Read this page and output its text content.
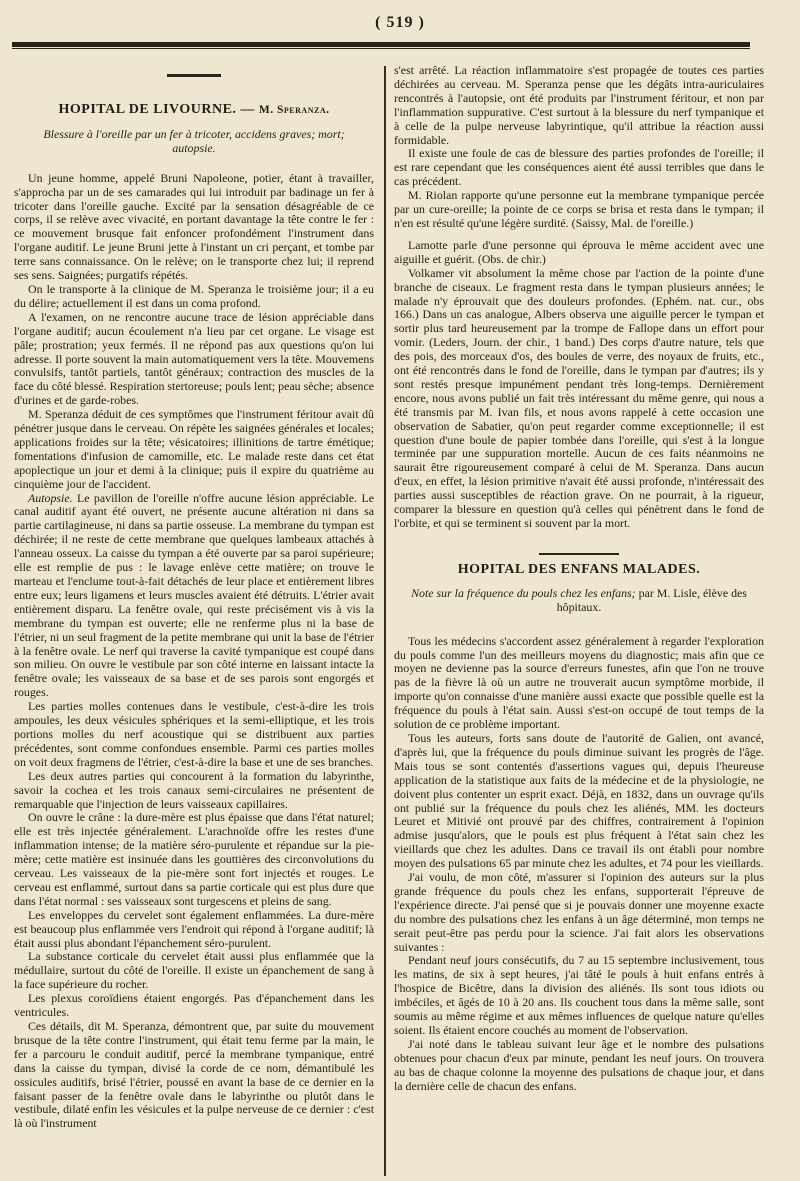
( 519 )
HOPITAL DE LIVOURNE. — M. Speranza.
Blessure à l'oreille par un fer à tricoter, accidens graves; mort; autopsie.

Un jeune homme, appelé Bruni Napoleone, potier, étant à travailler, s'approcha par un de ses camarades qui lui introduit par badinage un fer à tricoter dans l'oreille gauche. Excité par la sensation désagréable de ce corps, il se relève avec vivacité, en portant davantage la tête contre le fer : ce mouvement brusque fait enfoncer profondément l'instrument dans l'organe auditif. Le jeune Bruni jette à l'instant un cri perçant, et tombe par terre sans connaissance. On le relève; on le transporte chez lui; il reprend ses sens. Saignées; purgatifs répétés.

On le transporte à la clinique de M. Speranza le troisième jour; il a eu du délire; actuellement il est dans un coma profond.

A l'examen, on ne rencontre aucune trace de lésion appréciable dans l'organe auditif; aucun écoulement n'a lieu par cet organe. Le visage est pâle; prostration; yeux fermés. Il ne répond pas aux questions qu'on lui adresse. Il porte souvent la main automatiquement vers la tête. Mouvemens convulsifs, tantôt partiels, tantôt généraux; contraction des muscles de la face du côté blessé. Respiration stertoreuse; pouls lent; peau sèche; absence d'urines et de garde-robes.

M. Speranza déduit de ces symptômes que l'instrument féritour avait dû pénétrer jusque dans le cerveau. On répète les saignées générales et locales; applications froides sur la tête; vésicatoires; illinitions de tartre émétique; fomentations d'infusion de camomille, etc. Le malade reste dans cet état apoplectique un jour et demi à la clinique; puis il expire du quatrième au cinquième jour de l'accident.

Autopsie. Le pavillon de l'oreille n'offre aucune lésion appréciable. Le canal auditif ayant été ouvert, ne présente aucune altération ni dans sa partie cartilagineuse, ni dans sa partie osseuse. La membrane du tympan est déchirée; il ne reste de cette membrane que quelques lambeaux attachés à l'anneau osseux. La caisse du tympan a été ouverte par sa paroi supérieure; elle est remplie de pus : le lavage enlève cette matière; on trouve le marteau et l'enclume tout-à-fait détachés de leur place et entièrement libres entre eux; leurs ligamens et leurs muscles avaient été détruits. L'étrier avait entièrement disparu. La fenêtre ovale, qui reste précisément vis à vis la membrane du tympan est ouverte; elle ne renferme plus ni la base de l'étrier, ni un seul fragment de la petite membrane qui unit la base de l'étrier à la fenêtre ovale. Le nerf qui traverse la cavité tympanique est coupé dans son milieu. On ouvre le vestibule par son côté interne en laissant intacte la fenêtre ovale; les vaisseaux de sa base et de ses parois sont engorgés et rouges.

Les parties molles contenues dans le vestibule, c'est-à-dire les trois ampoules, les deux vésicules sphériques et la semi-elliptique, et les trois portions molles du nerf acoustique qui se distribuent aux parties précédentes, sont comme confondues ensemble. Parmi ces parties molles on voit deux fragmens de l'étrier, c'est-à-dire la base et une de ses branches.

Les deux autres parties qui concourent à la formation du labyrinthe, savoir la cochea et les trois canaux semi-circulaires ne présentent de remarquable que l'injection de leurs vaisseaux capillaires.

On ouvre le crâne : la dure-mère est plus épaisse que dans l'état naturel; elle est très injectée généralement. L'arachnoïde offre les restes d'une inflammation intense; de la matière séro-purulente et répandue sur la pie-mère; cette matière est insinuée dans les gouttières des circonvolutions du cerveau. Les vaisseaux de la pie-mère sont fort injectés et rouges. Le cerveau est enflammé, surtout dans sa partie corticale qui est plus dure que dans l'état normal : ses vaisseaux sont turgescens et pleins de sang.

Les enveloppes du cervelet sont également enflammées. La dure-mère est beaucoup plus enflammée vers l'endroit qui répond à l'organe auditif; là était aussi plus abondant l'épanchement séro-purulent.

La substance corticale du cervelet était aussi plus enflammée que la médullaire, surtout du côté de l'oreille. Il existe un épanchement de sang à la face supérieure du rocher.

Les plexus coroïdiens étaient engorgés. Pas d'épanchement dans les ventricules.

Ces détails, dit M. Speranza, démontrent que, par suite du mouvement brusque de la tête contre l'instrument, qui était tenu ferme par la main, le fer a parcouru le conduit auditif, percé la membrane tympanique, entré dans la caisse du tympan, divisé la corde de ce nom, démantibulé les ossicules auditifs, brisé l'étrier, poussé en avant la base de ce dernier en la faisant passer de la fenêtre ovale dans le labyrinthe ou plutôt dans le vestibule, dilaté enfin les vésicules et la pulpe nerveuse de ce dernier : c'est là où l'instrument

s'est arrêté. La réaction inflammatoire s'est propagée de toutes ces parties déchirées au cerveau. M. Speranza pense que les dégâts intra-auriculaires rencontrés à l'autopsie, ont été produits par l'instrument féritour, et non par l'inflammation suppurative. C'est surtout à la blessure du nerf tympanique et à celle de la pulpe nerveuse labyrintique, qu'il attribue la réaction aussi formidable.

Il existe une foule de cas de blessure des parties profondes de l'oreille; il est rare cependant que les conséquences aient été aussi terribles que dans le cas précédent.

M. Riolan rapporte qu'une personne eut la membrane tympanique percée par un cure-oreille; la pointe de ce corps se brisa et resta dans le tympan; il n'en est résulté qu'une légère surdité. (Saissy, Mal. de l'oreille.)

Lamotte parle d'une personne qui éprouva le même accident avec une aiguille et guérit. (Obs. de chir.)

Volkamer vit absolument la même chose par l'action de la pointe d'une branche de ciseaux. Le fragment resta dans le tympan plusieurs années; le malade n'y éprouvait que des douleurs profondes. (Ephém. nat. cur., obs 166.) Dans un cas analogue, Albers observa une aiguille percer le tympan et sortir plus tard heureusement par la trompe de Fallope dans un effort pour vomir. (Leders, Journ. der chir., 1 band.) Des corps d'autre nature, tels que des pois, des morceaux d'os, des boules de verre, des noyaux de fruits, etc., ont été rencontrés dans le fond de l'oreille, dans le tympan par d'autres; ils y sont restés presque impunément pendant très long-temps. Dernièrement encore, nous avons publié un fait très intéressant du même genre, qui nous a été transmis par M. Ivan fils, et nous avons rappelé à cette occasion une observation de Sabatier, qu'on peut regarder comme exceptionnelle; il est question d'une boule de papier tombée dans l'oreille, qui s'est à la longue terminée par une suppuration mortelle. Aucun de ces faits néanmoins ne saurait être rigoureusement comparé à celui de M. Speranza. Dans aucun d'eux, en effet, la lésion primitive n'avait été aussi profonde, n'intéressait des parties aussi susceptibles de réaction grave. On ne pourrait, à la rigueur, comparer la blessure en question qu'à celles qui pénètrent dans le fond de l'orbite, et qui se terminent si souvent par la mort.

HOPITAL DES ENFANS MALADES.
Note sur la fréquence du pouls chez les enfans; par M. Lisle, élève des hôpitaux.

Tous les médecins s'accordent assez généralement à regarder l'exploration du pouls comme l'un des meilleurs moyens du diagnostic; mais afin que ce moyen ne devienne pas la source d'erreurs funestes, afin que l'on ne trouve pas de la fièvre là où un autre ne trouverait aucun symptôme morbide, il importe qu'on connaisse d'une manière aussi exacte que possible quelle est la fréquence du pouls à l'état sain. Aussi s'est-on occupé de tout temps de la solution de ce problème important.

Tous les auteurs, forts sans doute de l'autorité de Galien, ont avancé, d'après lui, que la fréquence du pouls diminue suivant les progrès de l'âge. Mais tous se sont contentés d'assertions vagues qui, depuis l'heureuse application de la statistique aux faits de la médecine et de la physiologie, ne doivent plus contenter un esprit exact. Déjà, en 1832, dans un ouvrage qu'ils ont publié sur la fréquence du pouls chez les aliénés, MM. les docteurs Leuret et Mitivié ont prouvé par des chiffres, contrairement à l'opinion admise jusqu'alors, que le pouls est plus fréquent à l'état sain chez les vieillards que chez les adultes. Dans ce travail ils ont établi pour nombre moyen des pulsations 65 par minute chez les adultes, et 74 pour les vieillards.

J'ai voulu, de mon côté, m'assurer si l'opinion des auteurs sur la plus grande fréquence du pouls chez les enfans, supporterait l'épreuve de l'expérience directe. J'ai pensé que si je pouvais donner une moyenne exacte du nombre des pulsations chez les enfans à un âge déterminé, mon temps ne serait peut-être pas perdu pour la science. J'ai fait alors les observations suivantes :

Pendant neuf jours consécutifs, du 7 au 15 septembre inclusivement, tous les matins, de six à sept heures, j'ai tâté le pouls à huit enfans entrés à l'hospice de Bicêtre, dans la division des aliénés. Ils sont tous idiots ou imbéciles, et âgés de 10 à 20 ans. Ils couchent tous dans la même salle, sont soumis au même régime et aux mêmes influences de quelque nature qu'elles soient. Ils étaient encore couchés au moment de l'observation.

J'ai noté dans le tableau suivant leur âge et le nombre des pulsations obtenues pour chacun d'eux par minute, pendant les neuf jours. On trouvera au bas de chaque colonne la moyenne des pulsations de chaque jour, et dans la dernière celle de chacun des enfans.
